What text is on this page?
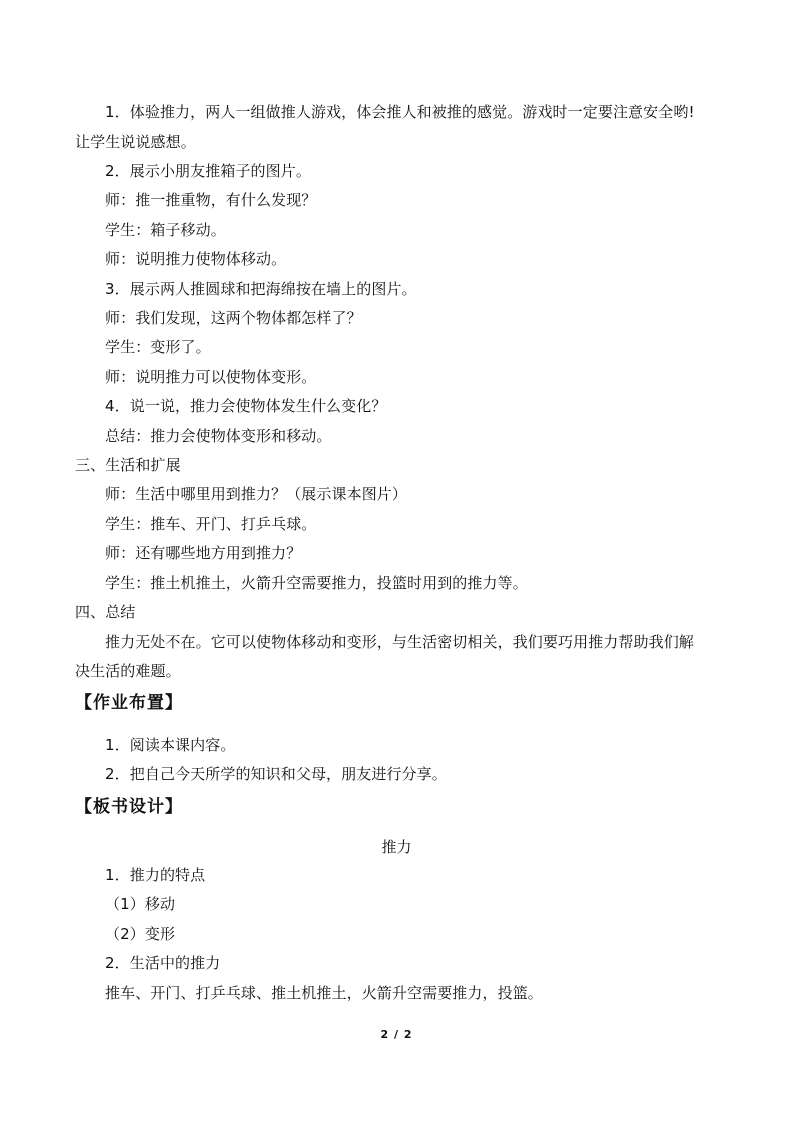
1．体验推力，两人一组做推人游戏，体会推人和被推的感觉。游戏时一定要注意安全哟!
让学生说说感想。
2．展示小朋友推箱子的图片。
师：推一推重物，有什么发现？
学生：箱子移动。
师：说明推力使物体移动。
3．展示两人推圆球和把海绵按在墙上的图片。
师：我们发现，这两个物体都怎样了？
学生：变形了。
师：说明推力可以使物体变形。
4．说一说，推力会使物体发生什么变化？
总结：推力会使物体变形和移动。
三、生活和扩展
师：生活中哪里用到推力？（展示课本图片）
学生：推车、开门、打乒乓球。
师：还有哪些地方用到推力？
学生：推土机推土，火箭升空需要推力，投篮时用到的推力等。
四、总结
推力无处不在。它可以使物体移动和变形，与生活密切相关，我们要巧用推力帮助我们解
决生活的难题。
【作业布置】
1．阅读本课内容。
2．把自己今天所学的知识和父母，朋友进行分享。
【板书设计】
推力
1．推力的特点
（1）移动
（2）变形
2．生活中的推力
推车、开门、打乒乓球、推土机推土，火箭升空需要推力，投篮。
2 / 2
